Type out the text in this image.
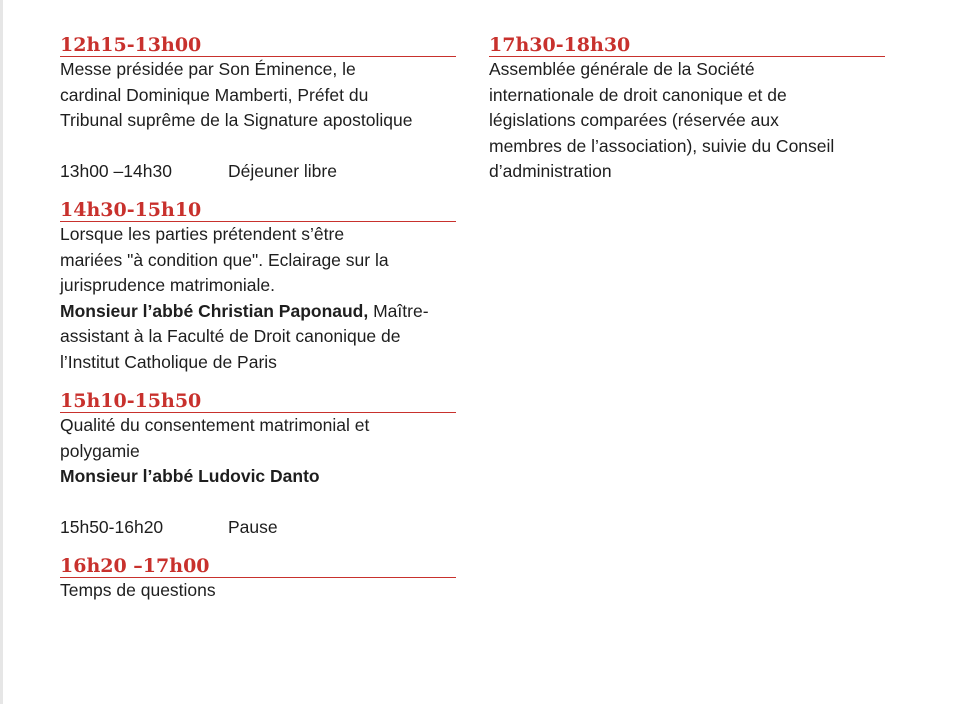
12h15-13h00

Messe présidée par Son Éminence, le

cardinal Dominique Mamberti, Préfet du

Tribunal suprême de la Signature apostolique

13h00 –14h30	Déjeuner libre
14h30-15h10

Lorsque les parties prétendent s’être

mariées "à condition que". Eclairage sur la

jurisprudence matrimoniale.

Monsieur l’abbé Christian Paponaud, Maître-

assistant à la Faculté de Droit canonique de

l’Institut Catholique de Paris

15h10-15h50

Qualité du consentement matrimonial et

polygamie

Monsieur l’abbé Ludovic Danto

15h50-16h20	Pause
16h20 –17h00

Temps de questions

17h30-18h30

Assemblée générale de la Société

internationale de droit canonique et de

législations comparées (réservée aux

membres de l’association), suivie du Conseil

d’administration
